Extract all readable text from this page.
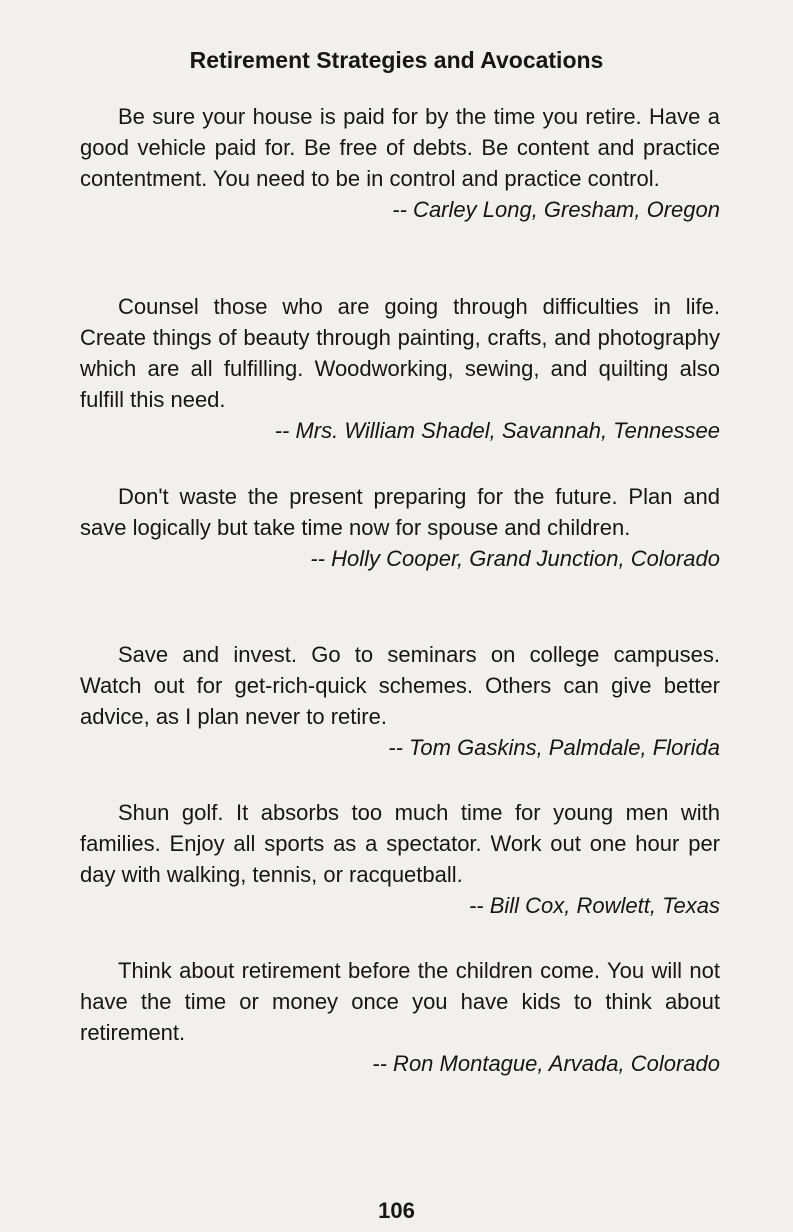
Retirement Strategies and Avocations

Be sure your house is paid for by the time you retire. Have a good vehicle paid for. Be free of debts. Be content and practice contentment. You need to be in control and practice control.

-- Carley Long, Gresham, Oregon

Counsel those who are going through difficulties in life. Create things of beauty through painting, crafts, and photography which are all fulfilling. Woodworking, sewing, and quilting also fulfill this need.

-- Mrs. William Shadel, Savannah, Tennessee

Don't waste the present preparing for the future. Plan and save logically but take time now for spouse and children.

-- Holly Cooper, Grand Junction, Colorado

Save and invest. Go to seminars on college campuses. Watch out for get-rich-quick schemes. Others can give better advice, as I plan never to retire.

-- Tom Gaskins, Palmdale, Florida

Shun golf. It absorbs too much time for young men with families. Enjoy all sports as a spectator. Work out one hour per day with walking, tennis, or racquetball.

-- Bill Cox, Rowlett, Texas

Think about retirement before the children come. You will not have the time or money once you have kids to think about retirement.

-- Ron Montague, Arvada, Colorado

106
